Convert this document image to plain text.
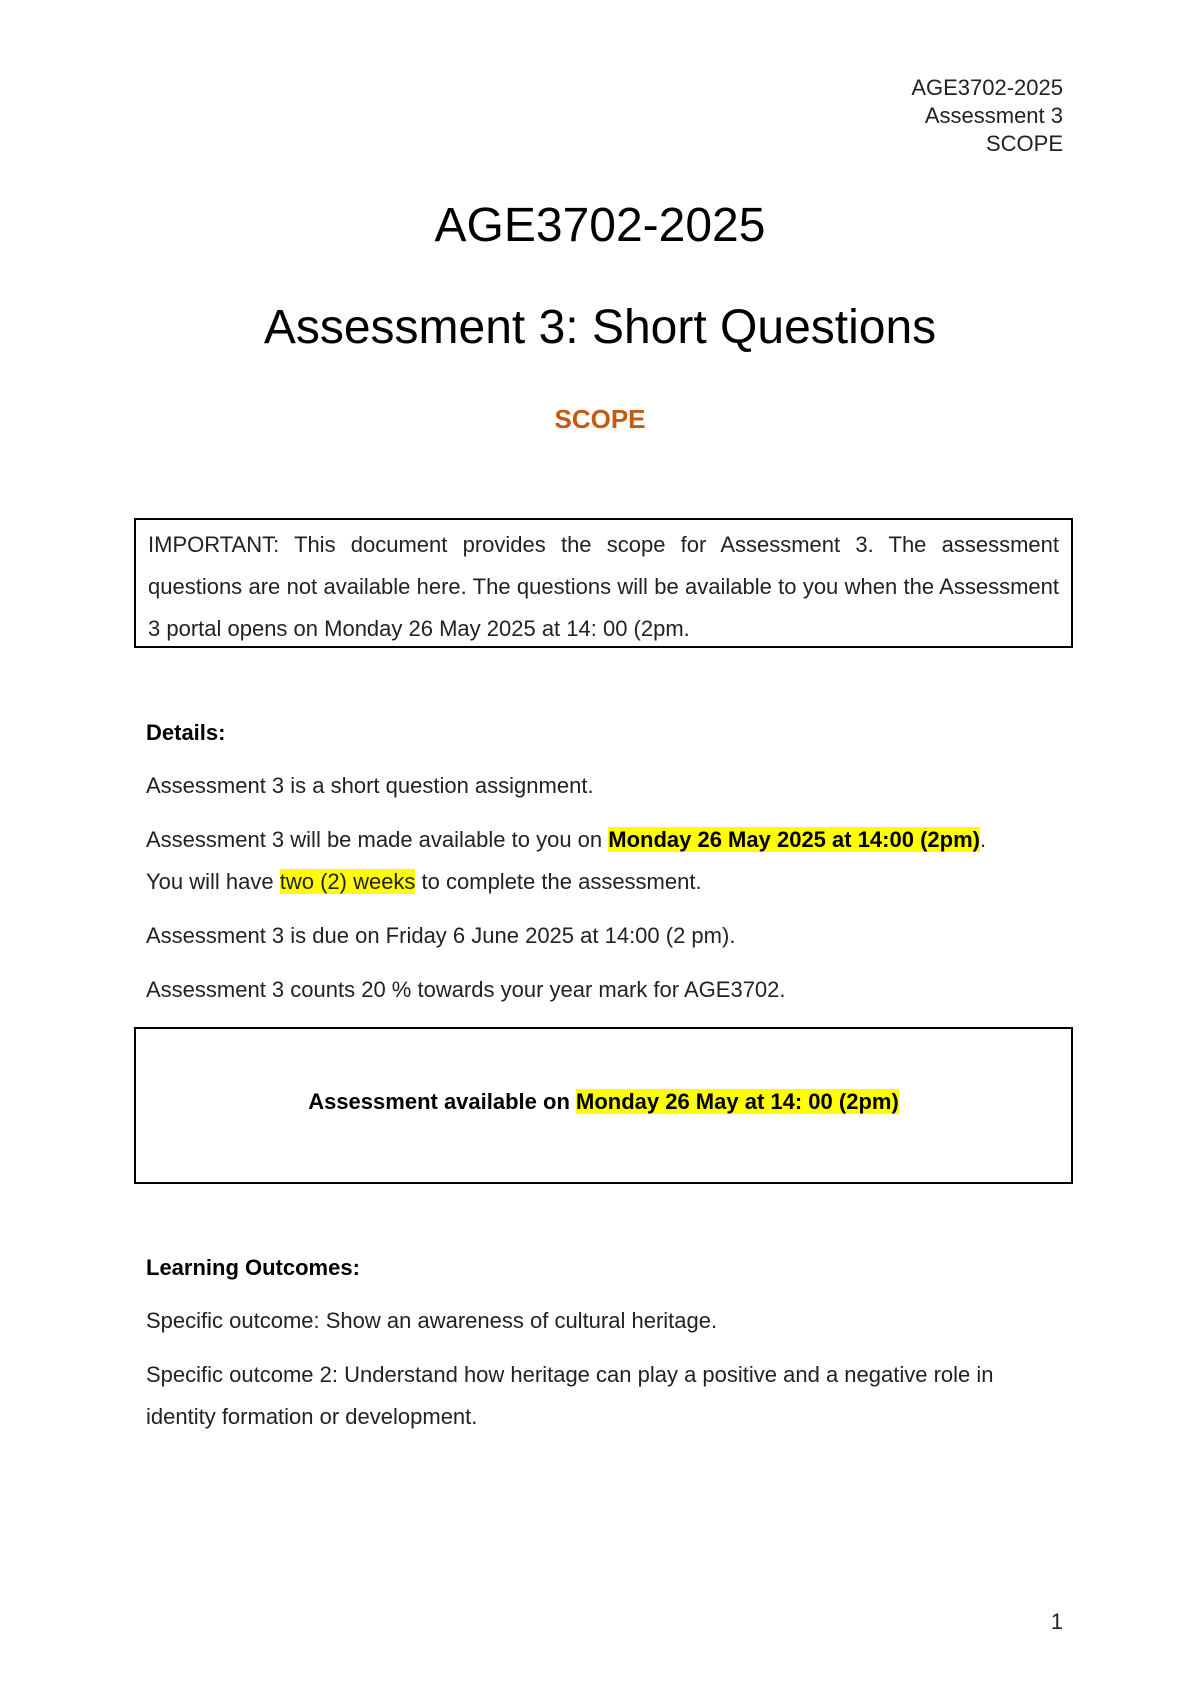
AGE3702-2025
Assessment 3
SCOPE
AGE3702-2025
Assessment 3: Short Questions
SCOPE
IMPORTANT: This document provides the scope for Assessment 3. The assessment questions are not available here. The questions will be available to you when the Assessment 3 portal opens on Monday 26 May 2025 at 14: 00 (2pm.
Details:
Assessment 3 is a short question assignment.
Assessment 3 will be made available to you on Monday 26 May 2025 at 14:00 (2pm).
You will have two (2) weeks to complete the assessment.
Assessment 3 is due on Friday 6 June 2025 at 14:00 (2 pm).
Assessment 3 counts 20 % towards your year mark for AGE3702.
Assessment available on Monday 26 May at 14: 00 (2pm)
Learning Outcomes:
Specific outcome: Show an awareness of cultural heritage.
Specific outcome 2: Understand how heritage can play a positive and a negative role in identity formation or development.
1
